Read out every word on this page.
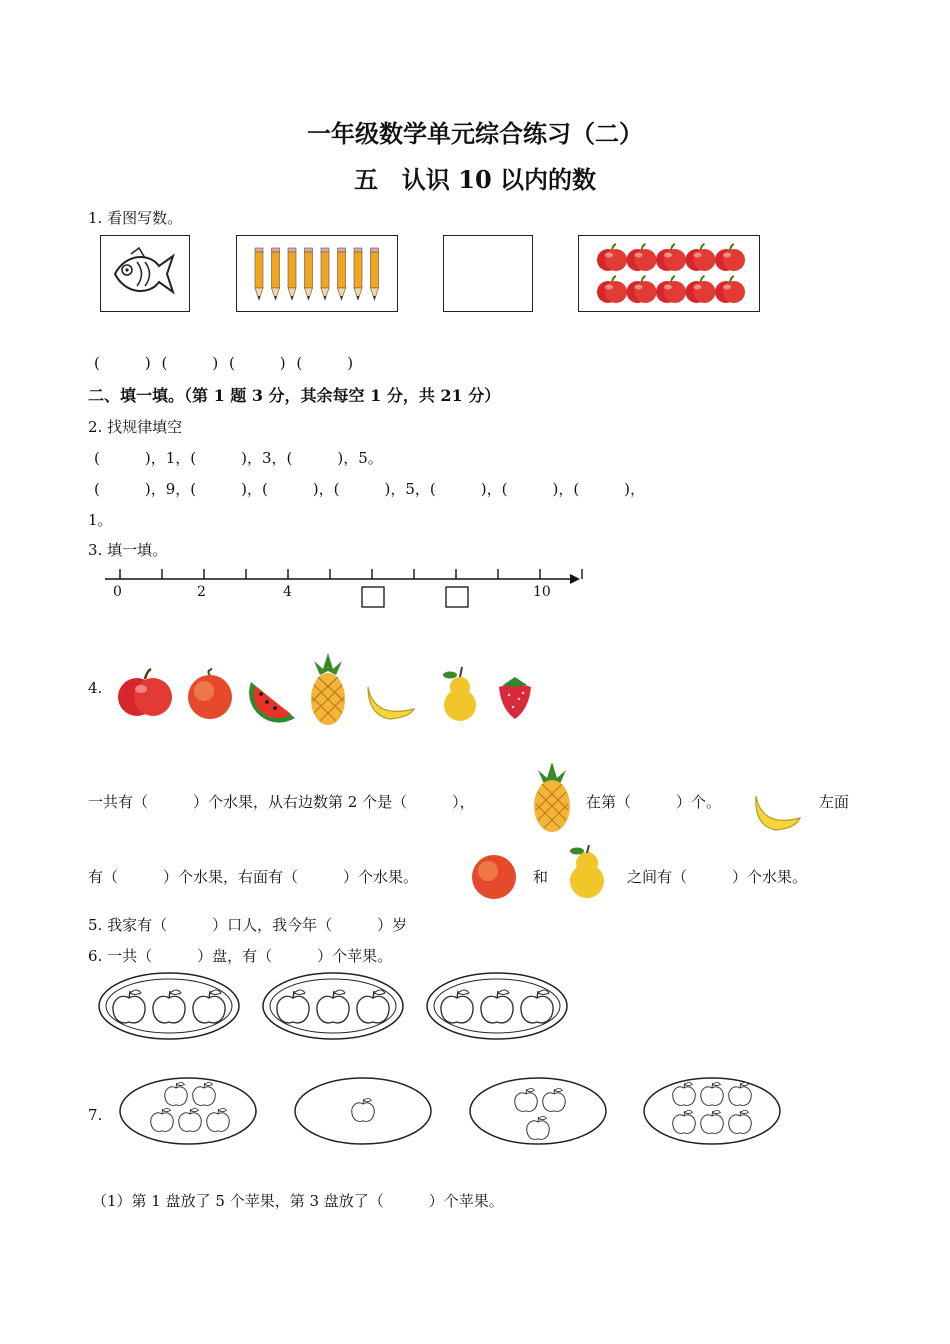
一年级数学单元综合练习（二）
五　认识 10 以内的数
1. 看图写数。
(　　　) (　　　) (　　　) (　　　)
二、填一填。（第 1 题 3 分，其余每空 1 分，共 21 分）
2. 找规律填空
(　　　)，1，(　　　)，3，(　　　)，5。
(　　　)，9，(　　　)，(　　　)，(　　　)，5，(　　　)，(　　　)，(　　　)，
1。
3. 填一填。
0	2	4	10
4.
一共有（　　　）个水果，从右边数第 2 个是（　　　），	在第（　　　）个。	左面
有（　　　）个水果，右面有（　　　）个水果。	和	之间有（　　　）个水果。
5. 我家有（　　　）口人，我今年（　　　）岁
6. 一共（　　　）盘，有（　　　）个苹果。
7.
（1）第 1 盘放了 5 个苹果，第 3 盘放了（　　　）个苹果。
